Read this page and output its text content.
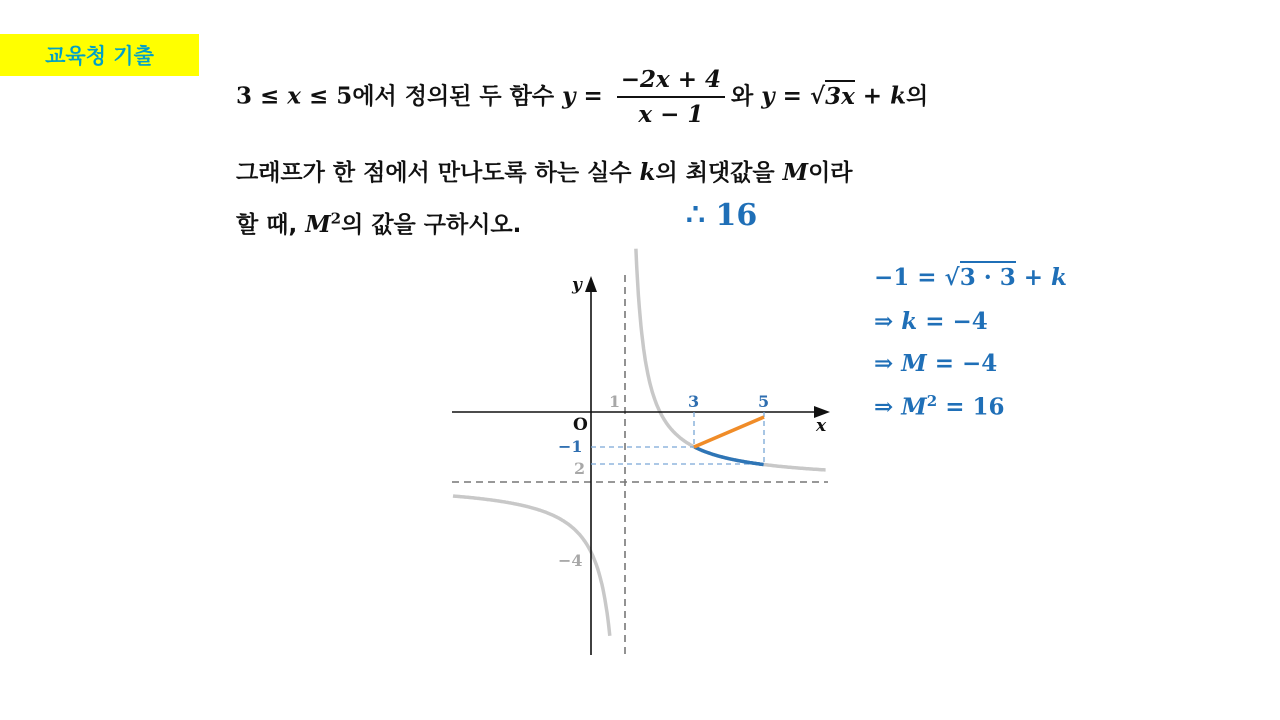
교육청 기출
3 ≤ x ≤ 5에서 정의된 두 함수 $y = \frac{-2x + 4}{x - 1}$ 와 y = √3x + k의
그래프가 한 점에서 만나도록 하는 실수 k의 최댓값을 M이라
할 때, $M^2$의 값을 구하시오.	∴ 16
−1 = √3 · 3 + k
⇒ k = −4
⇒ M = −4
⇒ $M^2 = 16$
y
x
O
1	3	5
−1
2
−4
